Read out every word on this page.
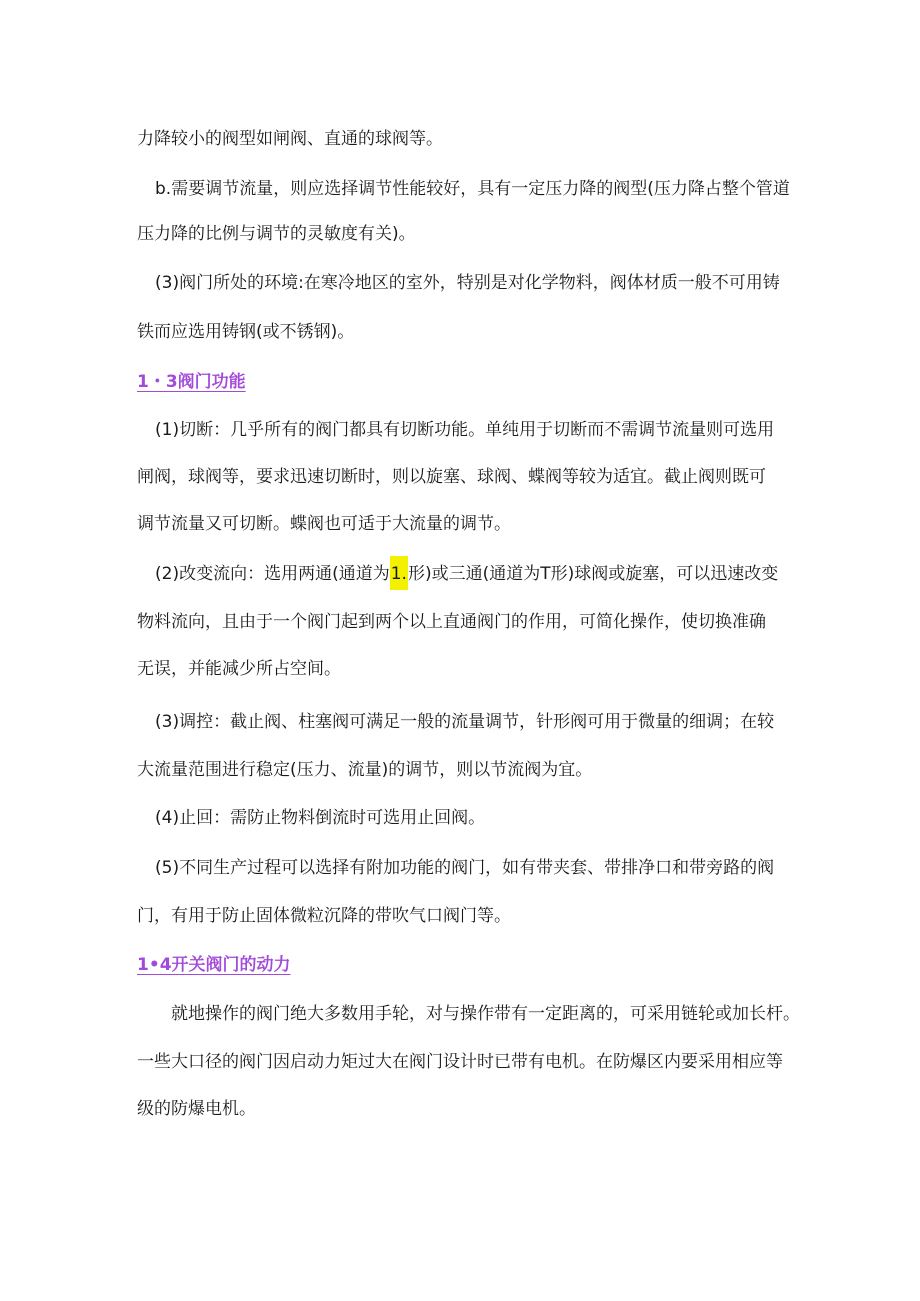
力降较小的阀型如闸阀、直通的球阀等。
b.需要调节流量，则应选择调节性能较好，具有一定压力降的阀型(压力降占整个管道
压力降的比例与调节的灵敏度有关)。
(3)阀门所处的环境:在寒冷地区的室外，特别是对化学物料，阀体材质一般不可用铸
铁而应选用铸钢(或不锈钢)。
1・3阀门功能
(1)切断：几乎所有的阀门都具有切断功能。单纯用于切断而不需调节流量则可选用
闸阀，球阀等，要求迅速切断时，则以旋塞、球阀、蝶阀等较为适宜。截止阀则既可
调节流量又可切断。蝶阀也可适于大流量的调节。
(2)改变流向：选用两通(通道为1.形)或三通(通道为T形)球阀或旋塞，可以迅速改变
物料流向，且由于一个阀门起到两个以上直通阀门的作用，可简化操作，使切换准确
无误，并能减少所占空间。
(3)调控：截止阀、柱塞阀可满足一般的流量调节，针形阀可用于微量的细调；在较
大流量范围进行稳定(压力、流量)的调节，则以节流阀为宜。
(4)止回：需防止物料倒流时可选用止回阀。
(5)不同生产过程可以选择有附加功能的阀门，如有带夹套、带排净口和带旁路的阀
门，有用于防止固体微粒沉降的带吹气口阀门等。
1•4开关阀门的动力
就地操作的阀门绝大多数用手轮，对与操作带有一定距离的，可采用链轮或加长杆。
一些大口径的阀门因启动力矩过大在阀门设计时已带有电机。在防爆区内要采用相应等
级的防爆电机。
